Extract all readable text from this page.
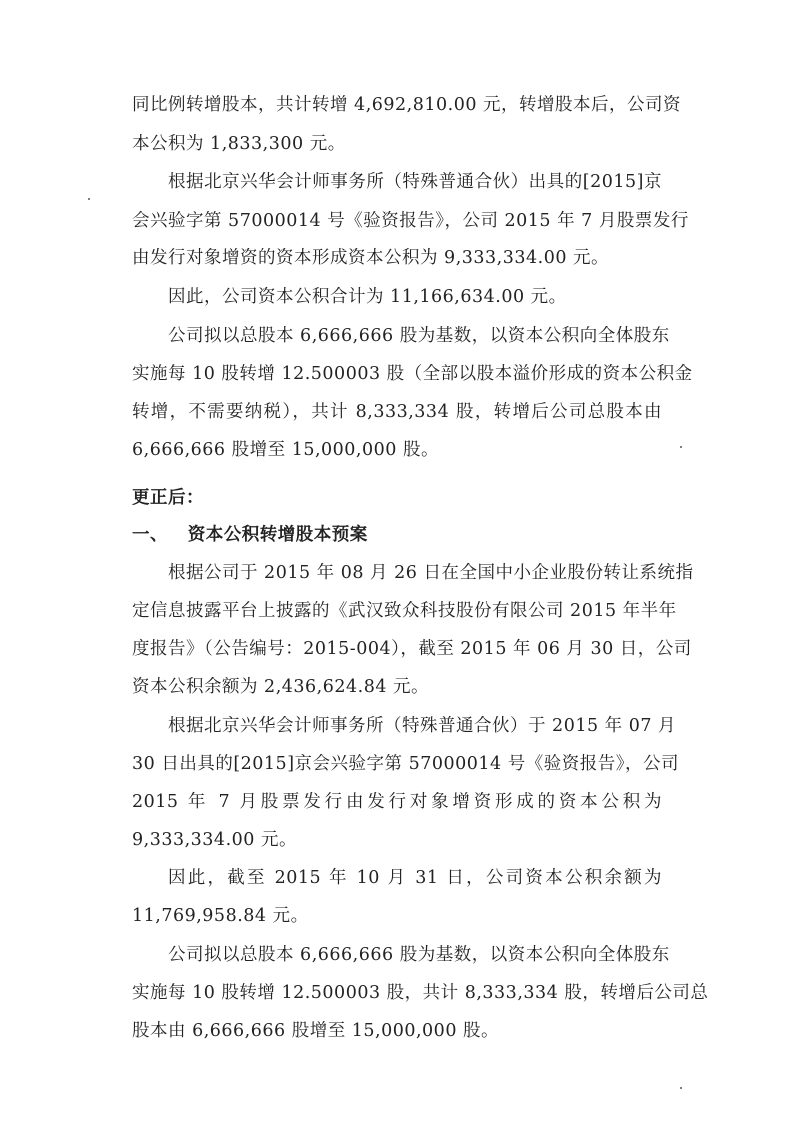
同比例转增股本，共计转增 4,692,810.00 元，转增股本后，公司资
本公积为 1,833,300 元。
根据北京兴华会计师事务所（特殊普通合伙）出具的[2015]京
会兴验字第 57000014 号《验资报告》，公司 2015 年 7 月股票发行
由发行对象增资的资本形成资本公积为 9,333,334.00 元。
因此，公司资本公积合计为 11,166,634.00 元。
公司拟以总股本 6,666,666 股为基数，以资本公积向全体股东
实施每 10 股转增 12.500003 股（全部以股本溢价形成的资本公积金
转增，不需要纳税），共计 8,333,334 股，转增后公司总股本由
6,666,666 股增至 15,000,000 股。
更正后：
一、   资本公积转增股本预案
根据公司于 2015 年 08 月 26 日在全国中小企业股份转让系统指
定信息披露平台上披露的《武汉致众科技股份有限公司 2015 年半年
度报告》（公告编号：2015-004），截至 2015 年 06 月 30 日，公司
资本公积余额为 2,436,624.84 元。
根据北京兴华会计师事务所（特殊普通合伙）于 2015 年 07 月
30 日出具的[2015]京会兴验字第 57000014 号《验资报告》，公司
2015 年 7 月股票发行由发行对象增资形成的资本公积为
9,333,334.00 元。
因此，截至 2015 年 10 月 31 日，公司资本公积余额为
11,769,958.84 元。
公司拟以总股本 6,666,666 股为基数，以资本公积向全体股东
实施每 10 股转增 12.500003 股，共计 8,333,334 股，转增后公司总
股本由 6,666,666 股增至 15,000,000 股。
